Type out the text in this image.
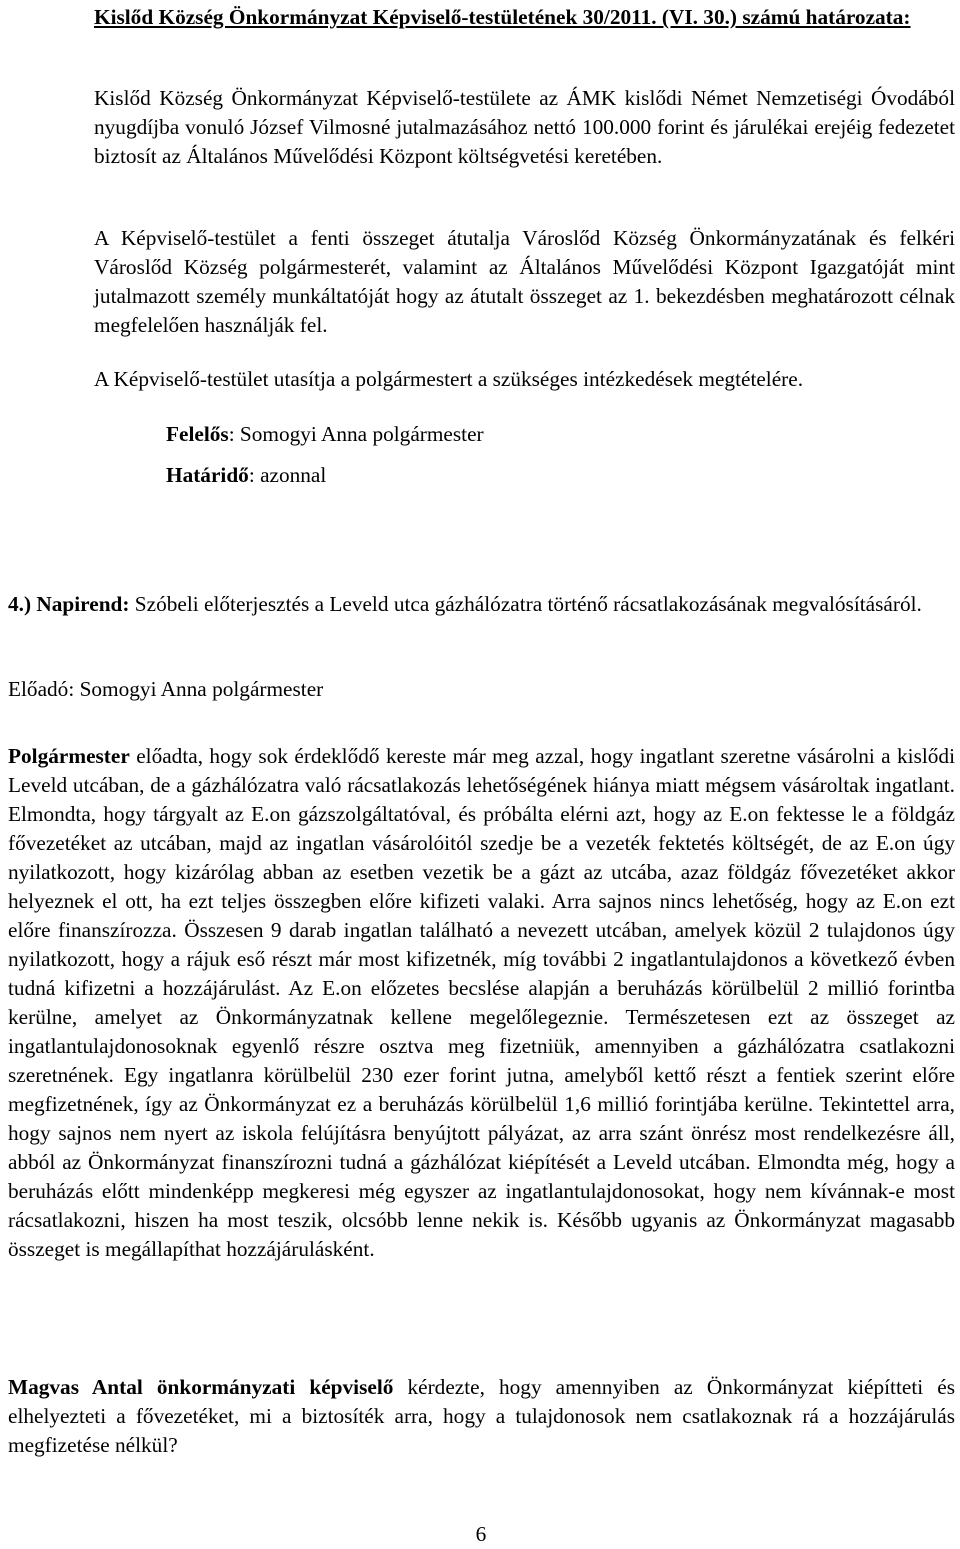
Kislőd Község Önkormányzat Képviselő-testületének 30/2011. (VI. 30.) számú határozata:
Kislőd Község Önkormányzat Képviselő-testülete az ÁMK kislődi Német Nemzetiségi Óvodából nyugdíjba vonuló József Vilmosné jutalmazásához nettó 100.000 forint és járulékai erejéig fedezetet biztosít az Általános Művelődési Központ költségvetési keretében.
A Képviselő-testület a fenti összeget átutalja Városlőd Község Önkormányzatának és felkéri Városlőd Község polgármesterét, valamint az Általános Művelődési Központ Igazgatóját mint jutalmazott személy munkáltatóját hogy az átutalt összeget az 1. bekezdésben meghatározott célnak megfelelően használják fel.
A Képviselő-testület utasítja a polgármestert a szükséges intézkedések megtételére.
Felelős: Somogyi Anna polgármester
Határidő: azonnal
4.) Napirend: Szóbeli előterjesztés a Leveld utca gázhálózatra történő rácsatlakozásának megvalósításáról.
Előadó: Somogyi Anna polgármester
Polgármester előadta, hogy sok érdeklődő kereste már meg azzal, hogy ingatlant szeretne vásárolni a kislődi Leveld utcában, de a gázhálózatra való rácsatlakozás lehetőségének hiánya miatt mégsem vásároltak ingatlant. Elmondta, hogy tárgyalt az E.on gázszolgáltatóval, és próbálta elérni azt, hogy az E.on fektesse le a földgáz fővezetéket az utcában, majd az ingatlan vásárolóitól szedje be a vezeték fektetés költségét, de az E.on úgy nyilatkozott, hogy kizárólag abban az esetben vezetik be a gázt az utcába, azaz földgáz fővezetéket akkor helyeznek el ott, ha ezt teljes összegben előre kifizeti valaki. Arra sajnos nincs lehetőség, hogy az E.on ezt előre finanszírozza. Összesen 9 darab ingatlan található a nevezett utcában, amelyek közül 2 tulajdonos úgy nyilatkozott, hogy a rájuk eső részt már most kifizetnék, míg további 2 ingatlantulajdonos a következő évben tudná kifizetni a hozzájárulást. Az E.on előzetes becslése alapján a beruházás körülbelül 2 millió forintba kerülne, amelyet az Önkormányzatnak kellene megelőlegeznie. Természetesen ezt az összeget az ingatlantulajdonosoknak egyenlő részre osztva meg fizetniük, amennyiben a gázhálózatra csatlakozni szeretnének. Egy ingatlanra körülbelül 230 ezer forint jutna, amelyből kettő részt a fentiek szerint előre megfizetnének, így az Önkormányzat ez a beruházás körülbelül 1,6 millió forintjába kerülne. Tekintettel arra, hogy sajnos nem nyert az iskola felújításra benyújtott pályázat, az arra szánt önrész most rendelkezésre áll, abból az Önkormányzat finanszírozni tudná a gázhálózat kiépítését a Leveld utcában. Elmondta még, hogy a beruházás előtt mindenképp megkeresi még egyszer az ingatlantulajdonosokat, hogy nem kívánnak-e most rácsatlakozni, hiszen ha most teszik, olcsóbb lenne nekik is. Később ugyanis az Önkormányzat magasabb összeget is megállapíthat hozzájárulásként.
Magvas Antal önkormányzati képviselő kérdezte, hogy amennyiben az Önkormányzat kiépítteti és elhelyezteti a fővezetéket, mi a biztosíték arra, hogy a tulajdonosok nem csatlakoznak rá a hozzájárulás megfizetése nélkül?
6
